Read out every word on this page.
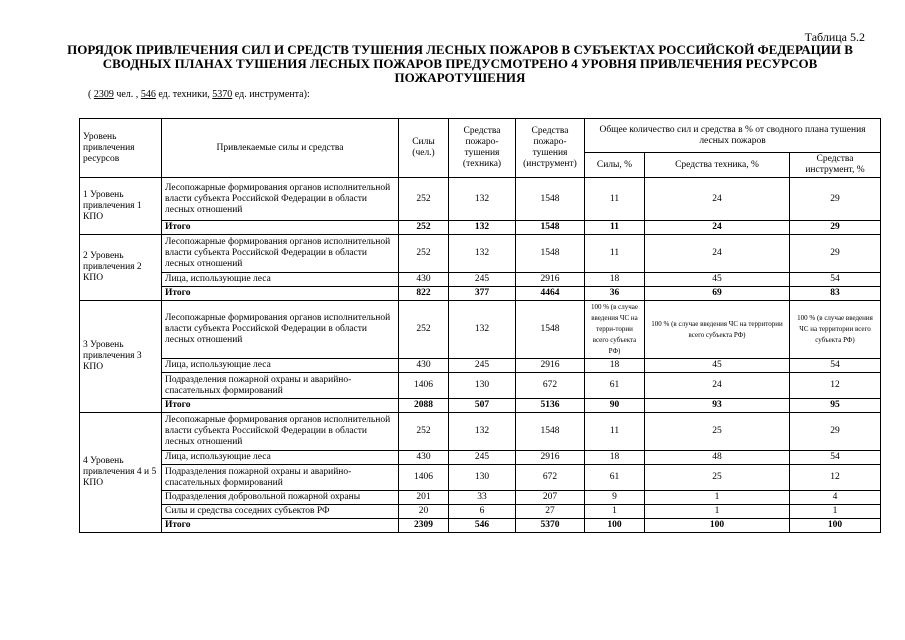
Таблица 5.2
ПОРЯДОК ПРИВЛЕЧЕНИЯ СИЛ И СРЕДСТВ ТУШЕНИЯ ЛЕСНЫХ ПОЖАРОВ В СУБЪЕКТАХ РОССИЙСКОЙ ФЕДЕРАЦИИ В СВОДНЫХ ПЛАНАХ ТУШЕНИЯ ЛЕСНЫХ ПОЖАРОВ ПРЕДУСМОТРЕНО 4 УРОВНЯ ПРИВЛЕЧЕНИЯ РЕСУРСОВ ПОЖАРОТУШЕНИЯ
( 2309 чел. , 546 ед. техники, 5370 ед. инструмента):
Уровень привлечения ресурсов	Привлекаемые силы и средства	Силы (чел.)	Средства пожаро-тушения (техника)	Средства пожаро-тушения (инструмент)	Общее количество сил и средства в % от сводного плана тушения лесных пожаров		
					Силы, %	Средства техника, %	Средства инструмент, %
1 Уровень привлечения 1 КПО	Лесопожарные формирования органов исполнительной власти субъекта Российской Федерации в области лесных отношений	252	132	1548	11	24	29
	Итого	252	132	1548	11	24	29
2 Уровень привлечения 2 КПО	Лесопожарные формирования органов исполнительной власти субъекта Российской Федерации в области лесных отношений	252	132	1548	11	24	29
	Лица, использующие леса	430	245	2916	18	45	54
	Итого	822	377	4464	36	69	83
3 Уровень привлечения 3 КПО	Лесопожарные формирования органов исполнительной власти субъекта Российской Федерации в области лесных отношений	252	132	1548	100 % (в случае введения ЧС на терри-тории всего субъекта РФ)	100 % (в случае введения ЧС на территории всего субъекта РФ)	100 % (в случае введения ЧС на территории всего субъекта РФ)
	Лица, использующие леса	430	245	2916	18	45	54
	Подразделения пожарной охраны и аварийно-спасательных формирований	1406	130	672	61	24	12
	Итого	2088	507	5136	90	93	95
4 Уровень привлечения 4 и 5 КПО	Лесопожарные формирования органов исполнительной власти субъекта Российской Федерации в области лесных отношений	252	132	1548	11	25	29
	Лица, использующие леса	430	245	2916	18	48	54
	Подразделения пожарной охраны и аварийно-спасательных формирований	1406	130	672	61	25	12
	Подразделения добровольной пожарной охраны	201	33	207	9	1	4
	Силы и средства соседних субъектов РФ	20	6	27	1	1	1
	Итого	2309	546	5370	100	100	100
